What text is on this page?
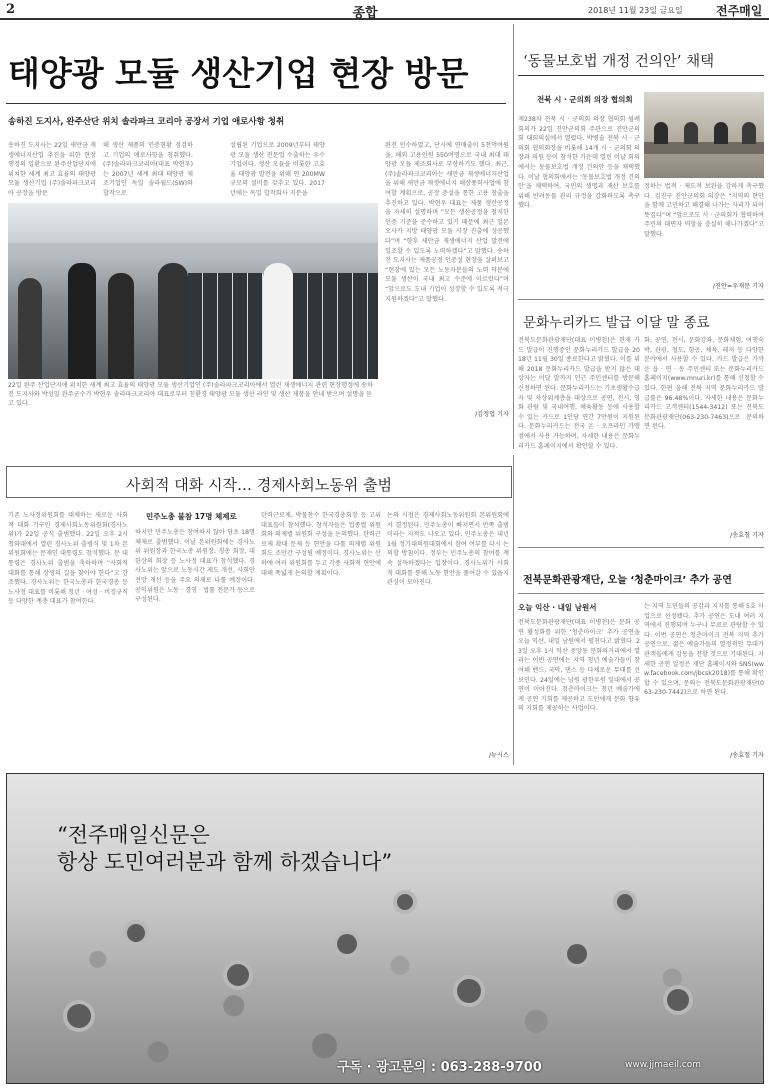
2	종합	2018년 11월 23일 금요일	전주매일
태양광 모듈 생산기업 현장 방문
송하진 도지사, 완주산단 위치 솔라파크 코리아 공장서 기업 애로사항 청취
송하진 도지사는 22일 새만금 재생에너지산업 추진을 위한 현장행정의 일환으로 완주산업단지에 위치한 세계 최고 효율의 태양광 모듈 생산기업 (주)솔라파크코리아 공장을 방문
해 생산 제품의 인증현황 점검하고 기업의 애로사항을 청취했다. (주)솔라파크코리아(대표 박현우)는 2007년 세계 최대 태양광 제조기업인 독일 솔라월드(SW)와 합작으로
설립된 기업으로 2009년부터 태양광 모듈 생산 전문업 수출하는 우수기업이다. 생산 모듈을 비롯한 고효율 태양광 발전을 위해 연 200MW 규모의 설비를 갖추고 있다. 2017년에는 독일 합작회사 지분을
완전 인수하였고, 단시에 연매출이 5천억여원을, 해외 고용인원 550여명으로 국내 최대 태양광 모듈 제조회사로 부상하기도 했다. 최근, (주)솔라파크코리아는 새만금 재생에너지산업을 위해 새만금 재생에너지 해상풍력사업에 참여할 계획으로, 공장 증설을 통한 고용 창출을 추진하고 있다. 박현우 대표는 제품 생산공정을 자세히 설명하며 “모든 생산공정을 철저한 인증 기준을 준수하고 있기 때문에 최근 일본 오사카 지방 태양광 모듈 시장 진출에 성공했다”며 “향후 새만금 재생에너지 산업 발전에 일조할 수 있도록 노력하겠다”고 말했다. 송하진 도지사는 제품공정 인증설 현장을 살펴보고 “현장에 있는 모든 노동자분들의 노력 덕분에 모듈 생산이 국내 최고 수준에 이르렀다”며 “앞으로도 도내 기업이 성장할 수 있도록 적극 지원하겠다”고 말했다.
/김정엽 기자
22일 완주 산업단지에 위치한 세계 최고 효율의 태양광 모듈 생산기업인 (주)솔라파크코리아에서 열린 재생에너지 관련 현장행정에 송하진 도지사와 박성일 완주군수가 박현우 솔라파크코리아 대표로부터 친환경 태양광 모듈 생산 라인 및 생산 제품을 안내 받으며 설명을 듣고 있다.
‘동물보호법 개정 건의안’ 채택
전북 시 · 군의회 의장 협의회
제238차 전북 시 · 군의회 의장 협의회 월례회의가 22일 진안군의회 주관으로 진안군의회 대회의실에서 열렸다. 박병술 전북 시 · 군의회 협의회장을 비롯해 14개 시 · 군의회 의장과 의원 등이 참석한 가운데 열린 이날 회의에서는 동물보호법 개정 건의안 등을 채택했다. 이날 협의회에서는 ‘동물보호법 개정 건의안’을 채택하여, 국민의 생명과 재산 보호를 위해 반려동물 관리 규정을 강화하도록 촉구했다.
정하는 법적 · 제도적 보완을 강하게 촉구했다. 김진구 진안군의회 의장은 “지역의 현안을 함께 고민하고 해결해 나가는 자리가 되어 뜻깊다”며 “앞으로도 시 · 군의회가 협력하여 주민의 대변자 역할을 충실히 해나가겠다”고 말했다.
/진안=우재문 기자
문화누리카드 발급 이달 말 종료
전북도문화관광재단(대표 이병천)은 현재 카드 발급이 진행중인 문화누리카드 발급을 2018년 11월 30일 종료한다고 밝혔다. 이를 위해 2018 문화누리카드 발급을 받지 않은 대상자는 이달 말까지 인근 주민센터를 방문해 신청하면 된다. 문화누리카드는 기초생활수급자 및 차상위계층을 대상으로 공연, 전시, 영화 관람 및 국내여행, 체육활동 등에 사용할 수 있는 카드로 1인당 연간 7만원이 지원된다. 문화누리카드는 전국 온 · 오프라인 가맹점에서 사용 가능하며, 자세한 내용은 문화누리카드 홈페이지에서 확인할 수 있다.
화, 공연, 전시, 문화강좌, 문화체험, 여행숙박, 관광, 철도, 항공, 체육, 레저 등 다양한 분야에서 사용할 수 있다. 카드 발급은 가까운 읍 · 면 · 동 주민센터 또는 문화누리카드 홈페이지(www.mnuri.kr)를 통해 신청할 수 있다. 한편 올해 전북 지역 문화누리카드 발급률은 96.48%이다. 자세한 내용은 문화누리카드 고객센터(1544-3412) 또는 전북도문화관광재단(063-230-7463)으로 문의하면 된다.
/송효철 기자
사회적 대화 시작… 경제사회노동위 출범
기존 노사정위원회를 대체하는 새로운 사회적 대화 기구인 경제사회노동위원회(경사노위)가 22일 공식 출범했다. 22일 오후 2시 청와대에서 열린 경사노위 출범식 및 1차 본위원회에는 문재인 대통령도 참석했다. 문 대통령은 경사노위 출범을 축하하며 “사회적 대화를 통해 상생의 길을 찾아야 한다”고 강조했다. 경사노위는 한국노총과 한국경총 등 노사정 대표를 비롯해 청년 · 여성 · 비정규직 등 다양한 계층 대표가 참여한다.
민주노총 불참 17명 체제로
하지만 민주노총은 참여하지 않아 당초 18명 체제로 출범했다. 이날 본위원회에는 경사노위 위원장과 한국노총 위원장, 경총 회장, 대한상의 회장 등 노사정 대표가 참석했다. 경사노위는 앞으로 노동시간 제도 개선, 사회안전망 개선 등을 주요 의제로 다룰 예정이다. 공익위원은 노동 · 경영 · 법률 전문가 등으로 구성된다.
탄력근로제, 박물찬수 한국경총회장 등 고위 대표들이 참석했다. 참석자들은 업종별 위원회와 의제별 위원회 구성을 논의했다. 탄력근로제 확대 문제 등 현안을 다룰 의제별 위원회도 조만간 구성될 예정이다. 경사노위는 산하에 여러 위원회를 두고 각종 사회적 현안에 대해 폭넓게 논의할 계획이다.
논의 시점은 경제사회노동위원회 본위원회에서 결정된다. 민주노총이 빠지면서 반쪽 출범이라는 지적도 나오고 있다. 민주노총은 내년 1월 정기대의원대회에서 참여 여부를 다시 논의할 방침이다. 정부는 민주노총의 참여를 계속 설득하겠다는 입장이다. 경사노위가 사회적 대화를 통해 노동 현안을 풀어갈 수 있을지 관심이 모아진다.
/뉴시스
전북문화관광재단, 오늘 ‘청춘마이크’ 추가 공연
오늘 익산 · 내일 남원서
전북도문화관광재단(대표 이병천)은 문화 공연 활성화를 위한 ‘청춘마이크’ 추가 공연을 오늘 익산, 내일 남원에서 펼친다고 밝혔다. 23일 오후 1시 익산 중앙동 문화의거리에서 열리는 이번 공연에는 지역 청년 예술가들이 참여해 밴드, 국악, 댄스 등 다채로운 무대를 선보인다. 24일에는 남원 광한루원 일대에서 공연이 이어진다. 청춘마이크는 청년 예술가에게 공연 기회를 제공하고 도민에게 문화 향유의 기회를 제공하는 사업이다.
는 지역 도민들의 공감과 지지를 통해 5호 사업으로 선정됐다. 추가 공연은 도내 여러 지역에서 진행되며 누구나 무료로 관람할 수 있다. 이번 공연은 청춘마이크 전북 지역 추가 공연으로, 젊은 예술가들의 열정적인 무대가 관객들에게 감동을 전할 것으로 기대된다. 자세한 공연 일정은 재단 홈페이지와 SNS(www.facebook.com/jbcsk2018)를 통해 확인할 수 있으며, 문의는 전북도문화관광재단(063-230-7442)으로 하면 된다.
/송효철 기자
“전주매일신문은
항상 도민여러분과 함께 하겠습니다”
구독 · 광고문의 : 063-288-9700	www.jjmaeil.com
